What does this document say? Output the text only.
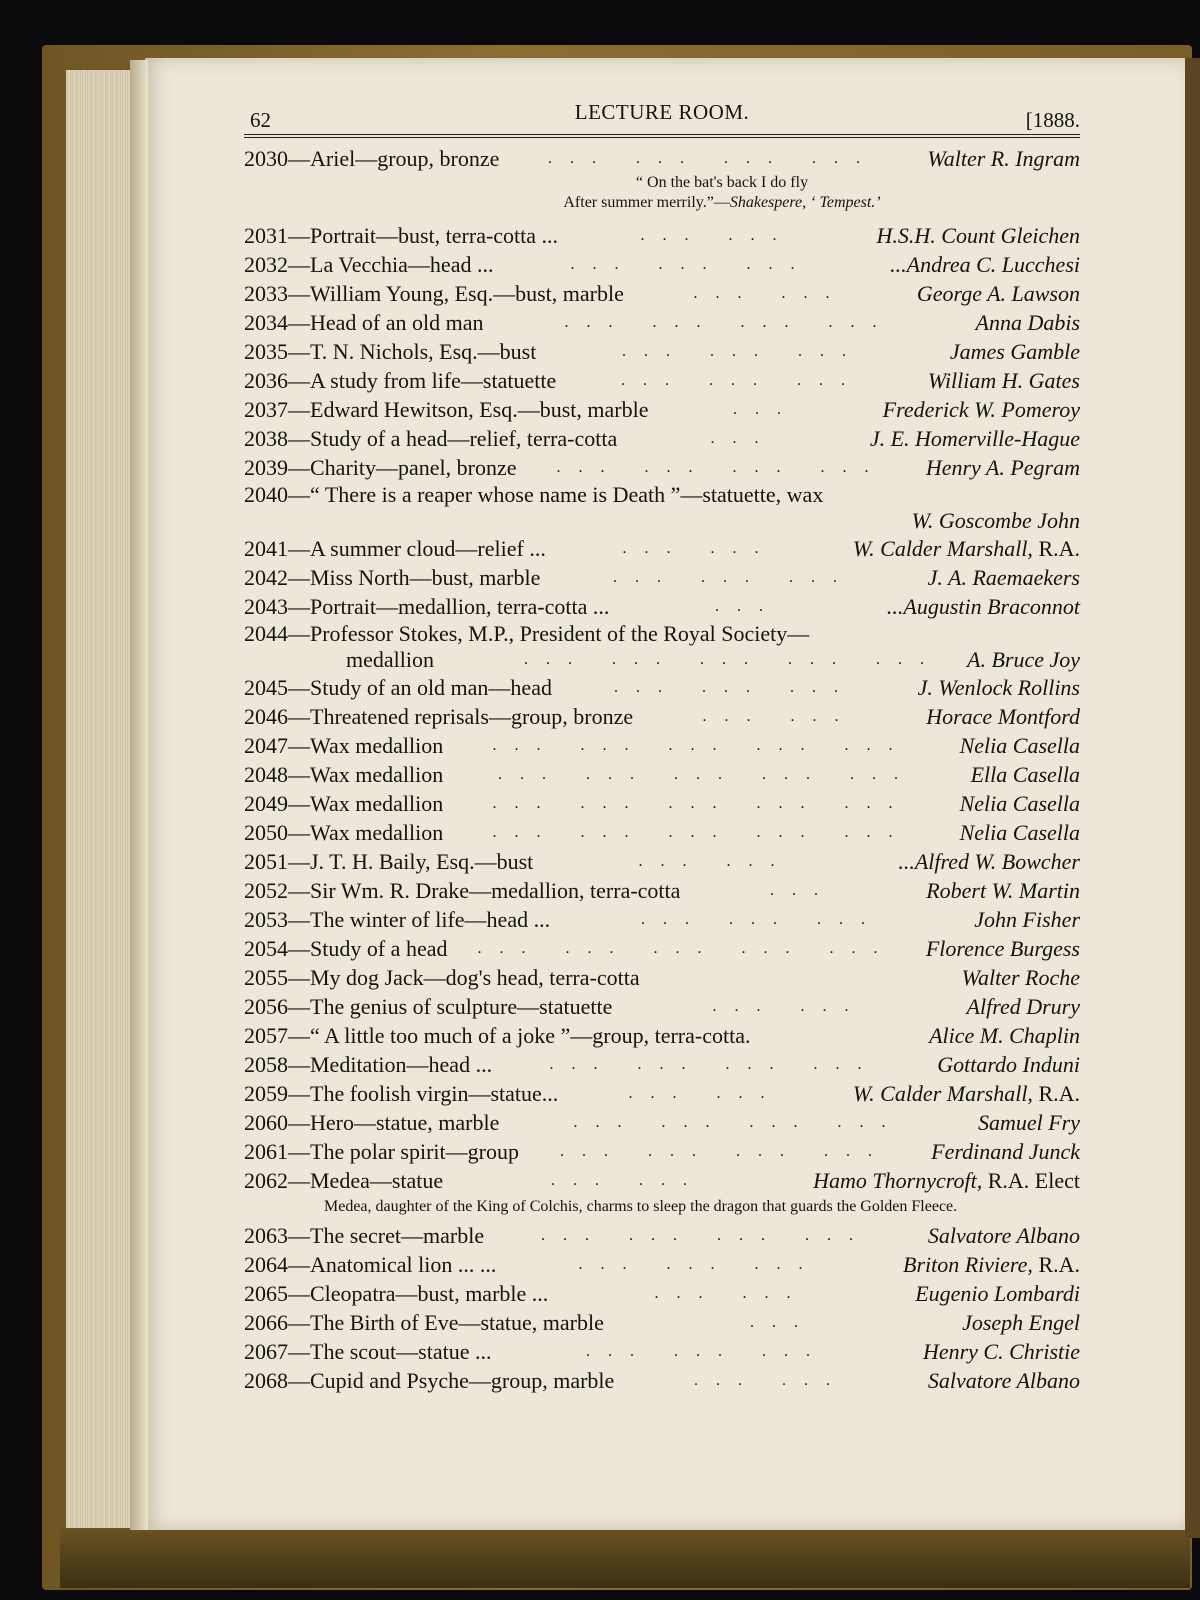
62	LECTURE ROOM.	[1888.
2030—Ariel—group, bronze	... ... ... ... Walter R. Ingram
“ On the bat's back I do fly
After summer merrily.”—Shakespere, ‘ Tempest.’
2031—Portrait—bust, terra-cotta ...	... ...	H.S.H. Count Gleichen
2032—La Vecchia—head ...	... ... ...	...Andrea C. Lucchesi
2033—William Young, Esq.—bust, marble	... ...	George A. Lawson
2034—Head of an old man	... ... ... ...	Anna Dabis
2035—T. N. Nichols, Esq.—bust	... ... ...	James Gamble
2036—A study from life—statuette	... ... ...	William H. Gates
2037—Edward Hewitson, Esq.—bust, marble	...	Frederick W. Pomeroy
2038—Study of a head—relief, terra-cotta	...	J. E. Homerville-Hague
2039—Charity—panel, bronze	... ... ... ... Henry A. Pegram
2040—“ There is a reaper whose name is Death ”—statuette, wax
W. Goscombe John
2041—A summer cloud—relief ...	... ...	W. Calder Marshall, R.A.
2042—Miss North—bust, marble	... ... ...	J. A. Raemaekers
2043—Portrait—medallion, terra-cotta ...	...	...Augustin Braconnot
2044—Professor Stokes, M.P., President of the Royal Society—
medallion	... ... ... ... ... A. Bruce Joy
2045—Study of an old man—head	... ... ...	J. Wenlock Rollins
2046—Threatened reprisals—group, bronze	... ...	Horace Montford
2047—Wax medallion	... ... ... ... ... Nelia Casella
2048—Wax medallion	... ... ... ... ... Ella Casella
2049—Wax medallion	... ... ... ... ... Nelia Casella
2050—Wax medallion	... ... ... ... ... Nelia Casella
2051—J. T. H. Baily, Esq.—bust	... ...	...Alfred W. Bowcher
2052—Sir Wm. R. Drake—medallion, terra-cotta	...	Robert W. Martin
2053—The winter of life—head ...	... ... ...	John Fisher
2054—Study of a head ... ... ... ... ... Florence Burgess
2055—My dog Jack—dog's head, terra-cotta	Walter Roche
2056—The genius of sculpture—statuette	... ...	Alfred Drury
2057—“ A little too much of a joke ”—group, terra-cotta.	Alice M. Chaplin
2058—Meditation—head ...	... ... ... ...	Gottardo Induni
2059—The foolish virgin—statue...	... ...	W. Calder Marshall, R.A.
2060—Hero—statue, marble	... ... ... ...	Samuel Fry
2061—The polar spirit—group	... ... ... ... Ferdinand Junck
2062—Medea—statue	... ...	Hamo Thornycroft, R.A. Elect
Medea, daughter of the King of Colchis, charms to sleep the dragon that guards the Golden Fleece.
2063—The secret—marble	... ... ... ...	Salvatore Albano
2064—Anatomical lion ... ...	... ... ...	Briton Riviere, R.A.
2065—Cleopatra—bust, marble ...	... ...	Eugenio Lombardi
2066—The Birth of Eve—statue, marble	...	Joseph Engel
2067—The scout—statue ...	... ... ...	Henry C. Christie
2068—Cupid and Psyche—group, marble	... ...	Salvatore Albano
